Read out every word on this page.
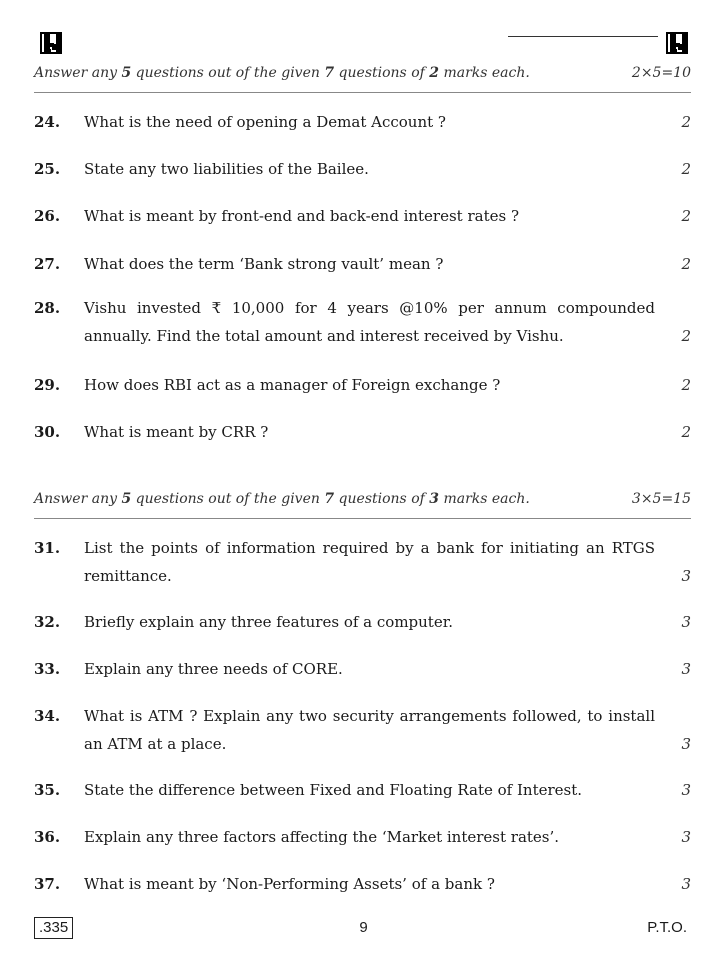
Answer any 5 questions out of the given 7 questions of 2 marks each.	2×5=10
24.	What is the need of opening a Demat Account ?	2
25.	State any two liabilities of the Bailee.	2
26.	What is meant by front-end and back-end interest rates ?	2
27.	What does the term ‘Bank strong vault’ mean ?	2
28.	Vishu invested ₹ 10,000 for 4 years @10% per annum compounded annually. Find the total amount and interest received by Vishu.	2
29.	How does RBI act as a manager of Foreign exchange ?	2
30.	What is meant by CRR ?	2
Answer any 5 questions out of the given 7 questions of 3 marks each.	3×5=15
31.	List the points of information required by a bank for initiating an RTGS remittance.	3
32.	Briefly explain any three features of a computer.	3
33.	Explain any three needs of CORE.	3
34.	What is ATM ? Explain any two security arrangements followed, to install an ATM at a place.	3
35.	State the difference between Fixed and Floating Rate of Interest.	3
36.	Explain any three factors affecting the ‘Market interest rates’.	3
37.	What is meant by ‘Non-Performing Assets’ of a bank ?	3
.335	9	P.T.O.
